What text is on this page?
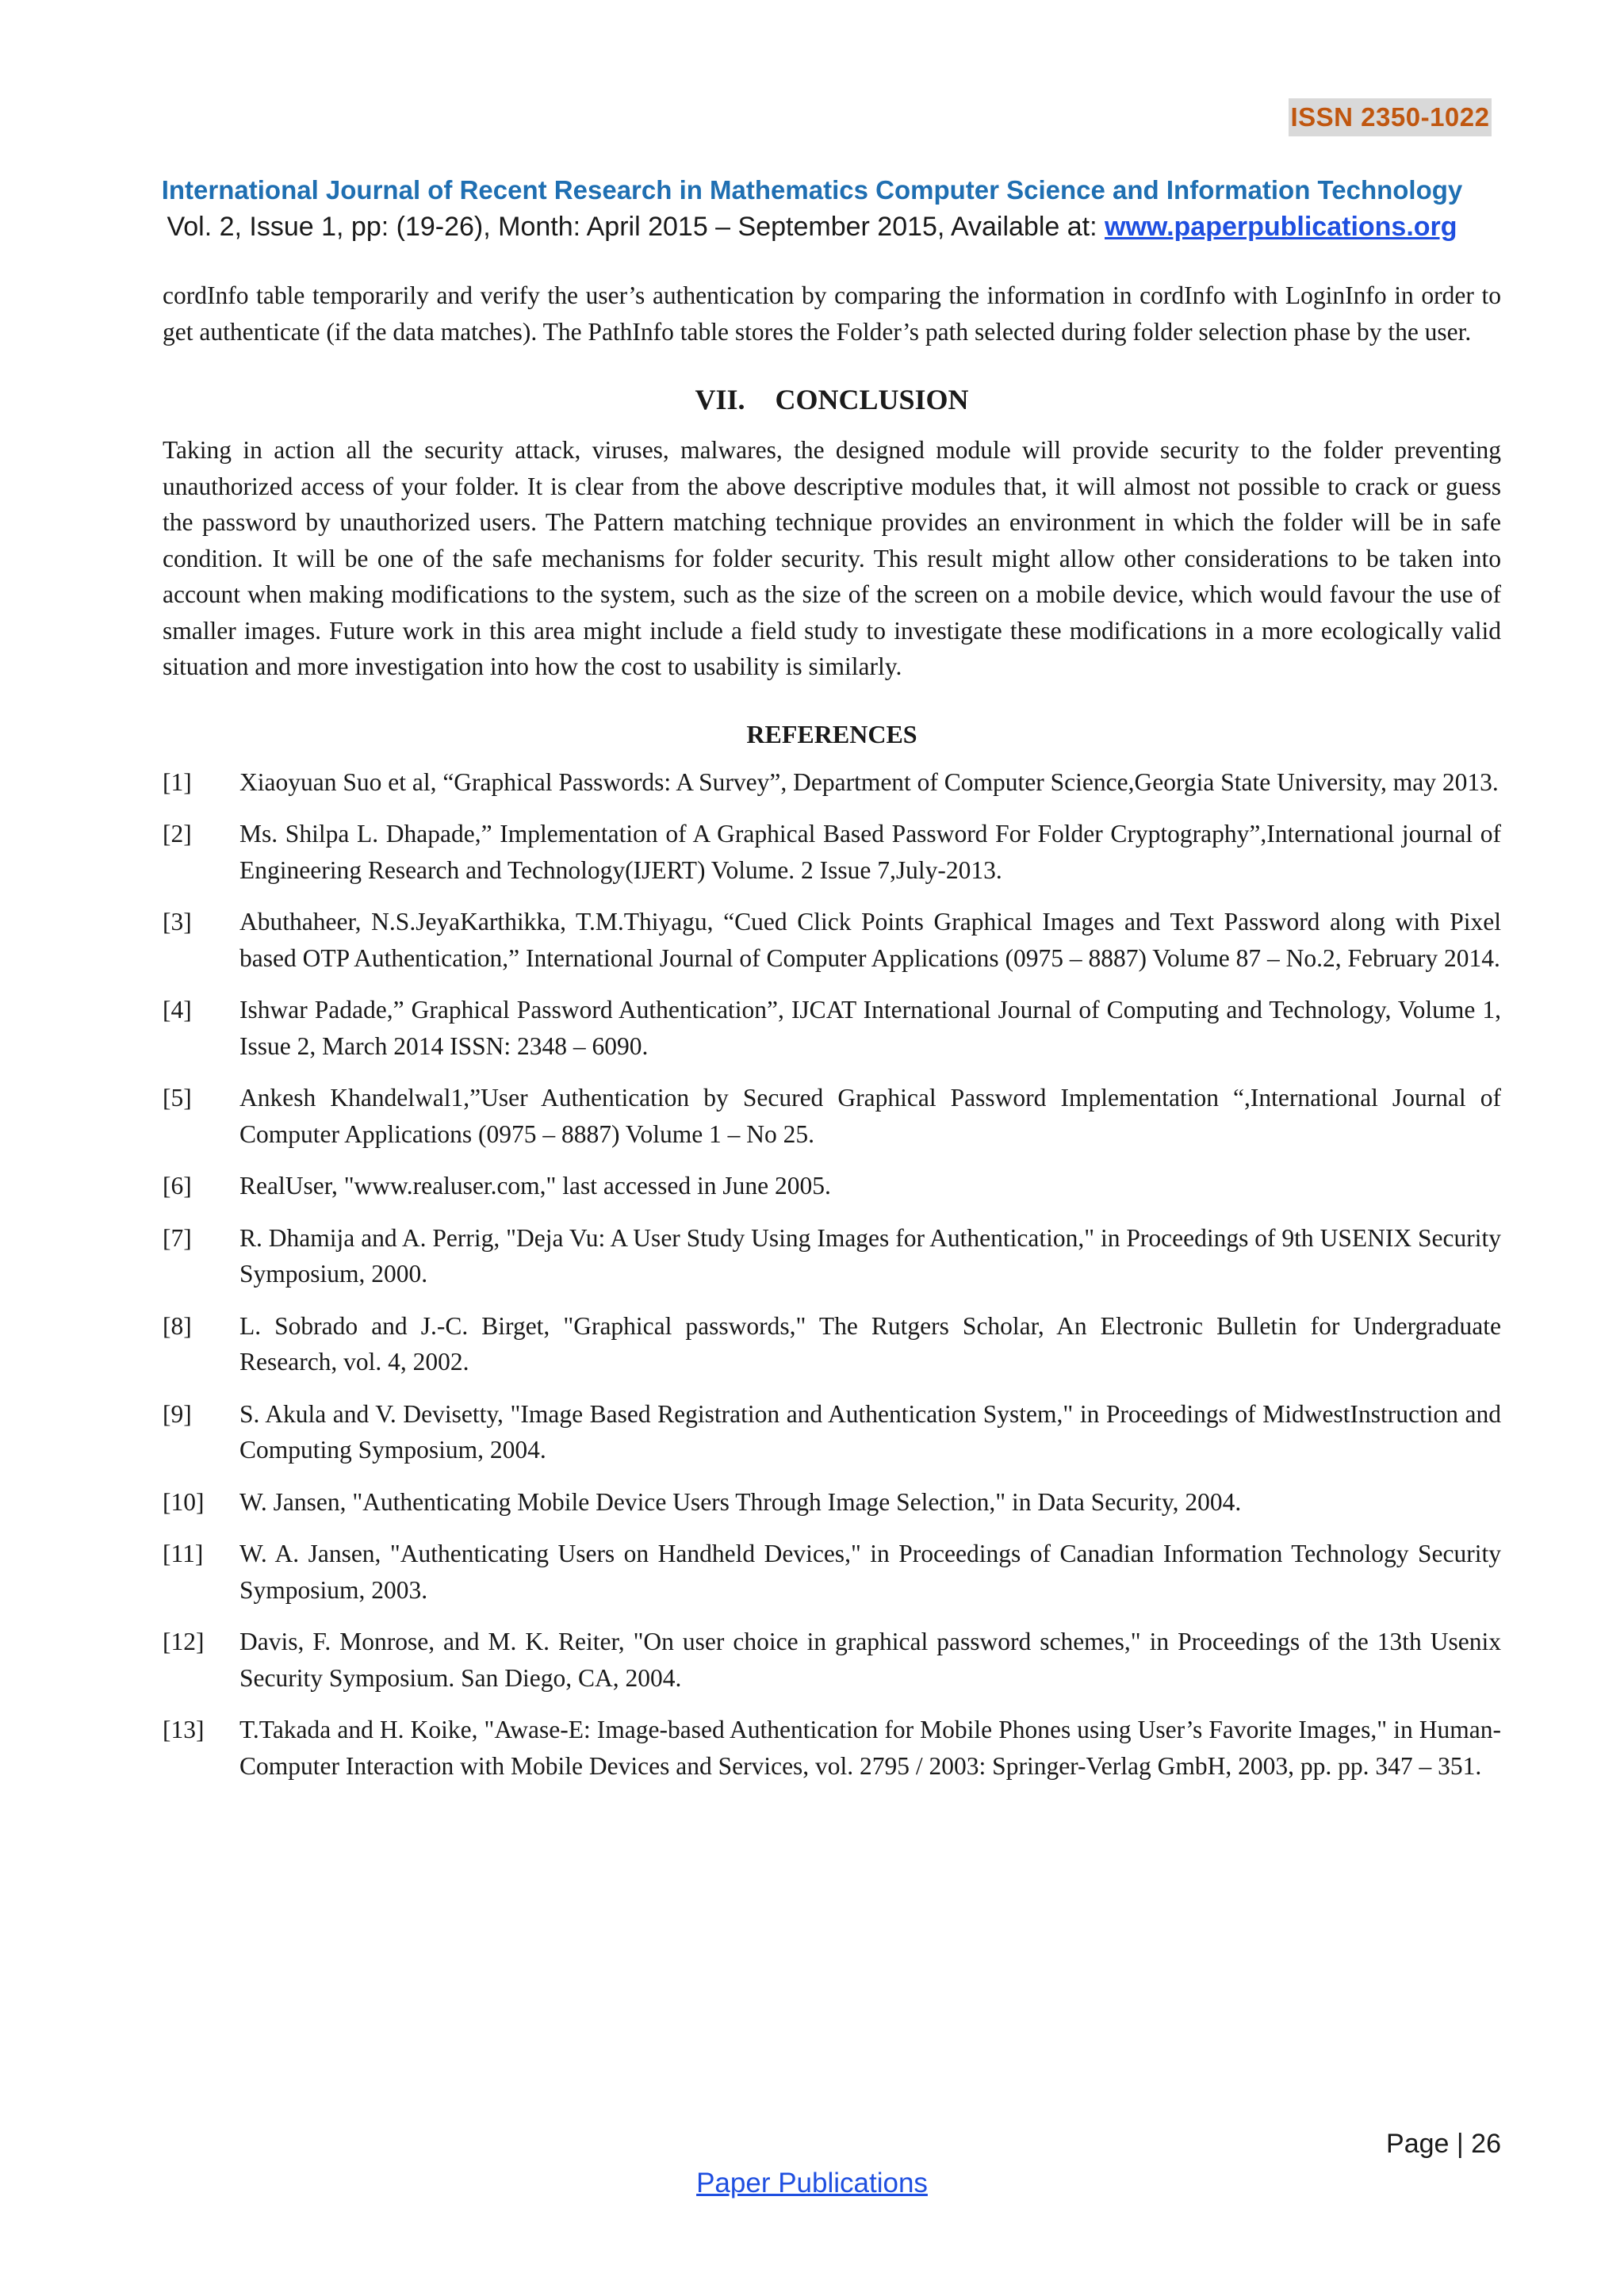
ISSN 2350-1022
International Journal of Recent Research in Mathematics Computer Science and Information Technology
Vol. 2, Issue 1, pp: (19-26), Month: April 2015 – September 2015, Available at: www.paperpublications.org

cordInfo table temporarily and verify the user’s authentication by comparing the information in cordInfo with LoginInfo in order to get authenticate (if the data matches). The PathInfo table stores the Folder’s path selected during folder selection phase by the user.

VII. CONCLUSION

Taking in action all the security attack, viruses, malwares, the designed module will provide security to the folder preventing unauthorized access of your folder. It is clear from the above descriptive modules that, it will almost not possible to crack or guess the password by unauthorized users. The Pattern matching technique provides an environment in which the folder will be in safe condition. It will be one of the safe mechanisms for folder security. This result might allow other considerations to be taken into account when making modifications to the system, such as the size of the screen on a mobile device, which would favour the use of smaller images. Future work in this area might include a field study to investigate these modifications in a more ecologically valid situation and more investigation into how the cost to usability is similarly.

REFERENCES
[1]	Xiaoyuan Suo et al, “Graphical Passwords: A Survey”, Department of Computer Science,Georgia State University, may 2013.
[2]	Ms. Shilpa L. Dhapade,” Implementation of A Graphical Based Password For Folder Cryptography”,International journal of Engineering Research and Technology(IJERT) Volume. 2 Issue 7,July-2013.
[3]	Abuthaheer, N.S.JeyaKarthikka, T.M.Thiyagu, “Cued Click Points Graphical Images and Text Password along with Pixel based OTP Authentication,” International Journal of Computer Applications (0975 – 8887) Volume 87 – No.2, February 2014.
[4]	Ishwar Padade,” Graphical Password Authentication”, IJCAT International Journal of Computing and Technology, Volume 1, Issue 2, March 2014 ISSN: 2348 – 6090.
[5]	Ankesh Khandelwal1,”User Authentication by Secured Graphical Password Implementation “,International Journal of Computer Applications (0975 – 8887) Volume 1 – No 25.
[6]	RealUser, "www.realuser.com," last accessed in June 2005.
[7]	R. Dhamija and A. Perrig, "Deja Vu: A User Study Using Images for Authentication," in Proceedings of 9th USENIX Security Symposium, 2000.
[8]	L. Sobrado and J.-C. Birget, "Graphical passwords," The Rutgers Scholar, An Electronic Bulletin for Undergraduate Research, vol. 4, 2002.
[9]	S. Akula and V. Devisetty, "Image Based Registration and Authentication System," in Proceedings of MidwestInstruction and Computing Symposium, 2004.
[10]	W. Jansen, "Authenticating Mobile Device Users Through Image Selection," in Data Security, 2004.
[11]	W. A. Jansen, "Authenticating Users on Handheld Devices," in Proceedings of Canadian Information Technology Security Symposium, 2003.
[12]	Davis, F. Monrose, and M. K. Reiter, "On user choice in graphical password schemes," in Proceedings of the 13th Usenix Security Symposium. San Diego, CA, 2004.
[13]	T.Takada and H. Koike, "Awase-E: Image-based Authentication for Mobile Phones using User’s Favorite Images," in Human-Computer Interaction with Mobile Devices and Services, vol. 2795 / 2003: Springer-Verlag GmbH, 2003, pp. pp. 347 – 351.
Page | 26
Paper Publications
